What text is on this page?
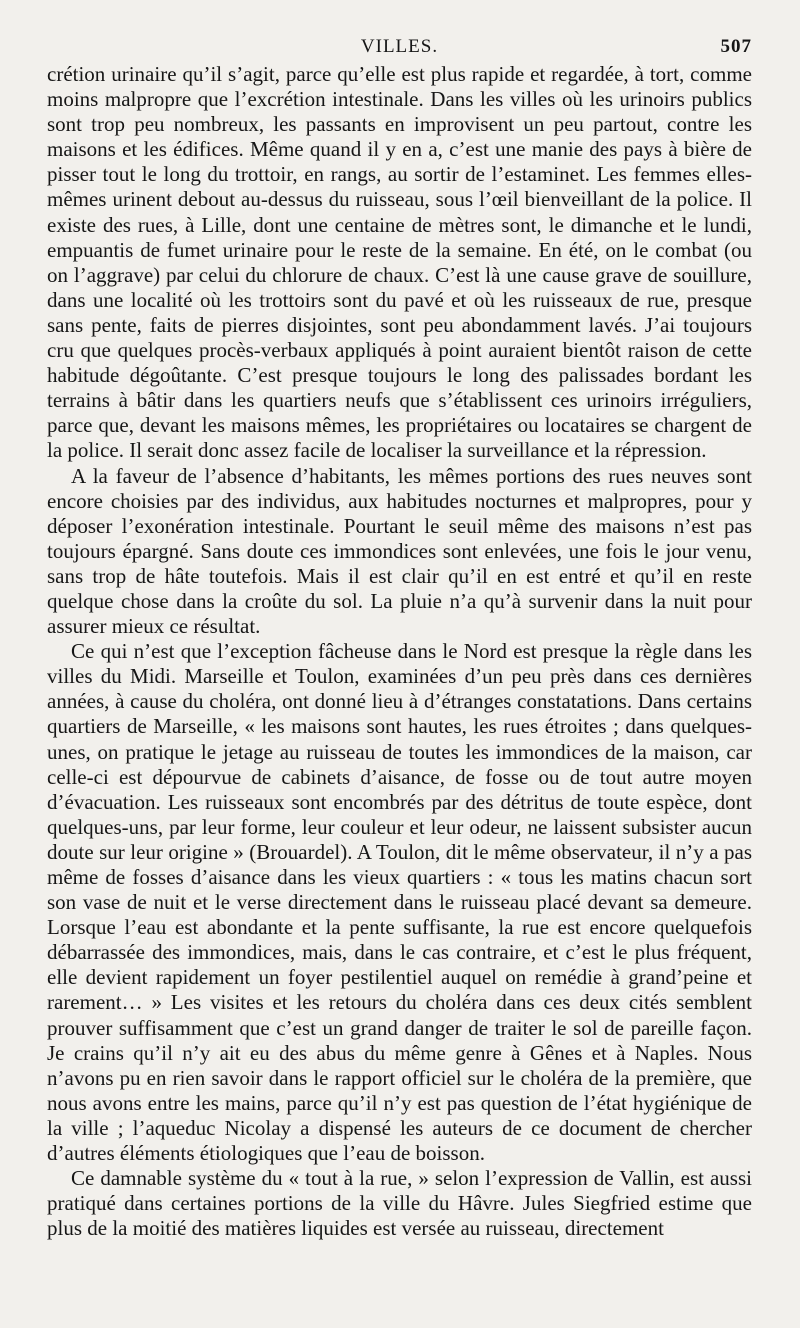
VILLES.	507

crétion urinaire qu’il s’agit, parce qu’elle est plus rapide et regardée, à tort, comme moins malpropre que l’excrétion intestinale. Dans les villes où les urinoirs publics sont trop peu nombreux, les passants en improvisent un peu partout, contre les maisons et les édifices. Même quand il y en a, c’est une manie des pays à bière de pisser tout le long du trottoir, en rangs, au sortir de l’estaminet. Les femmes elles-mêmes urinent debout au-dessus du ruisseau, sous l’œil bienveillant de la police. Il existe des rues, à Lille, dont une centaine de mètres sont, le dimanche et le lundi, empuantis de fumet urinaire pour le reste de la semaine. En été, on le combat (ou on l’aggrave) par celui du chlorure de chaux. C’est là une cause grave de souillure, dans une localité où les trottoirs sont du pavé et où les ruisseaux de rue, presque sans pente, faits de pierres disjointes, sont peu abondamment lavés. J’ai toujours cru que quelques procès-verbaux appliqués à point auraient bientôt raison de cette habitude dégoûtante. C’est presque toujours le long des palissades bordant les terrains à bâtir dans les quartiers neufs que s’établissent ces urinoirs irréguliers, parce que, devant les maisons mêmes, les propriétaires ou locataires se chargent de la police. Il serait donc assez facile de localiser la surveillance et la répression.

A la faveur de l’absence d’habitants, les mêmes portions des rues neuves sont encore choisies par des individus, aux habitudes nocturnes et malpropres, pour y déposer l’exonération intestinale. Pourtant le seuil même des maisons n’est pas toujours épargné. Sans doute ces immondices sont enlevées, une fois le jour venu, sans trop de hâte toutefois. Mais il est clair qu’il en est entré et qu’il en reste quelque chose dans la croûte du sol. La pluie n’a qu’à survenir dans la nuit pour assurer mieux ce résultat.

Ce qui n’est que l’exception fâcheuse dans le Nord est presque la règle dans les villes du Midi. Marseille et Toulon, examinées d’un peu près dans ces dernières années, à cause du choléra, ont donné lieu à d’étranges constatations. Dans certains quartiers de Marseille, « les maisons sont hautes, les rues étroites ; dans quelques-unes, on pratique le jetage au ruisseau de toutes les immondices de la maison, car celle-ci est dépourvue de cabinets d’aisance, de fosse ou de tout autre moyen d’évacuation. Les ruisseaux sont encombrés par des détritus de toute espèce, dont quelques-uns, par leur forme, leur couleur et leur odeur, ne laissent subsister aucun doute sur leur origine » (Brouardel). A Toulon, dit le même observateur, il n’y a pas même de fosses d’aisance dans les vieux quartiers : « tous les matins chacun sort son vase de nuit et le verse directement dans le ruisseau placé devant sa demeure. Lorsque l’eau est abondante et la pente suffisante, la rue est encore quelquefois débarrassée des immondices, mais, dans le cas contraire, et c’est le plus fréquent, elle devient rapidement un foyer pestilentiel auquel on remédie à grand’peine et rarement… » Les visites et les retours du choléra dans ces deux cités semblent prouver suffisamment que c’est un grand danger de traiter le sol de pareille façon. Je crains qu’il n’y ait eu des abus du même genre à Gênes et à Naples. Nous n’avons pu en rien savoir dans le rapport officiel sur le choléra de la première, que nous avons entre les mains, parce qu’il n’y est pas question de l’état hygiénique de la ville ; l’aqueduc Nicolay a dispensé les auteurs de ce document de chercher d’autres éléments étiologiques que l’eau de boisson.

Ce damnable système du « tout à la rue, » selon l’expression de Vallin, est aussi pratiqué dans certaines portions de la ville du Hâvre. Jules Siegfried estime que plus de la moitié des matières liquides est versée au ruisseau, directement
